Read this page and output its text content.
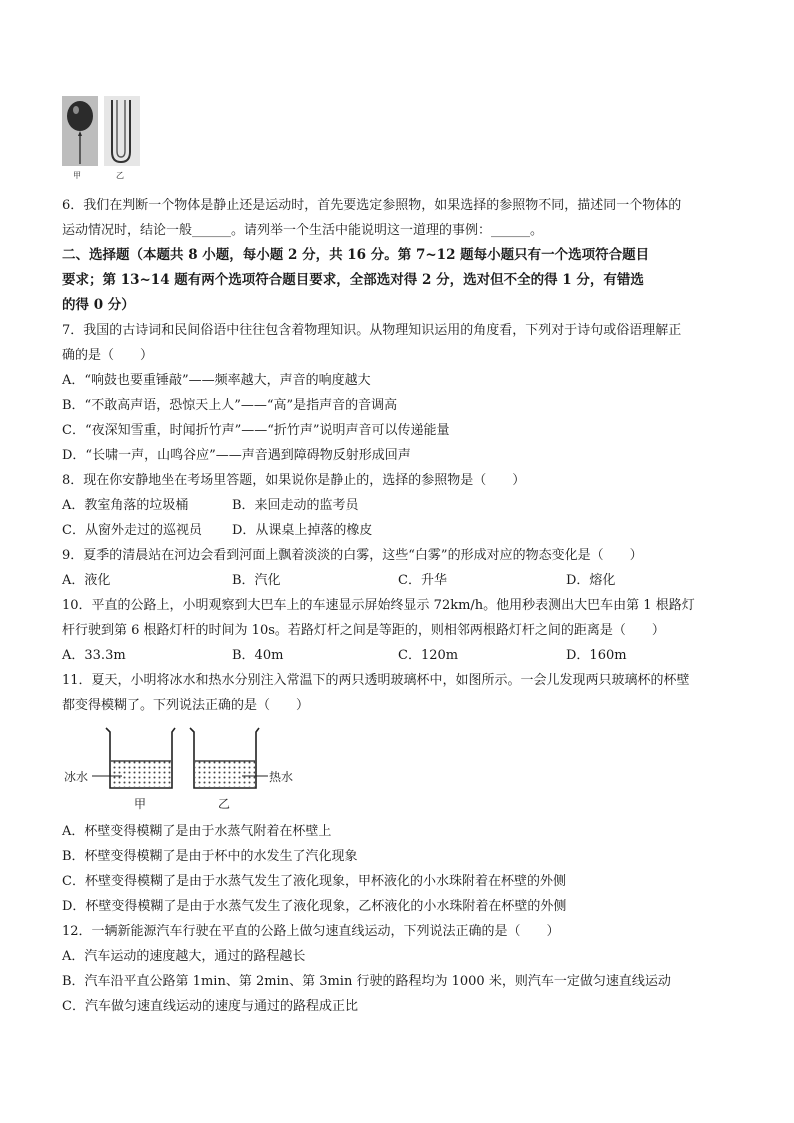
甲	乙
6．我们在判断一个物体是静止还是运动时，首先要选定参照物，如果选择的参照物不同，描述同一个物体的
运动情况时，结论一般______。请列举一个生活中能说明这一道理的事例：______。
二、选择题（本题共 8 小题，每小题 2 分，共 16 分。第 7~12 题每小题只有一个选项符合题目
要求；第 13~14 题有两个选项符合题目要求，全部选对得 2 分，选对但不全的得 1 分，有错选
的得 0 分）
7．我国的古诗词和民间俗语中往往包含着物理知识。从物理知识运用的角度看，下列对于诗句或俗语理解正
确的是（　　）
A．“响鼓也要重锤敲”——频率越大，声音的响度越大
B．“不敢高声语，恐惊天上人”——“高”是指声音的音调高
C．“夜深知雪重，时闻折竹声”——“折竹声”说明声音可以传递能量
D．“长啸一声，山鸣谷应”——声音遇到障碍物反射形成回声
8．现在你安静地坐在考场里答题，如果说你是静止的，选择的参照物是（　　）
A．教室角落的垃圾桶	B．来回走动的监考员
C．从窗外走过的巡视员 D．从课桌上掉落的橡皮
9．夏季的清晨站在河边会看到河面上飘着淡淡的白雾，这些“白雾”的形成对应的物态变化是（　　）
A．液化	B．汽化	C．升华	D．熔化
10．平直的公路上，小明观察到大巴车上的车速显示屏始终显示 72km/h。他用秒表测出大巴车由第 1 根路灯
杆行驶到第 6 根路灯杆的时间为 10s。若路灯杆之间是等距的，则相邻两根路灯杆之间的距离是（　　）
A．33.3m	B．40m	C．120m	D．160m
11．夏天，小明将冰水和热水分别注入常温下的两只透明玻璃杯中，如图所示。一会儿发现两只玻璃杯的杯壁
都变得模糊了。下列说法正确的是（　　）
冰水
甲
热水
乙
A．杯壁变得模糊了是由于水蒸气附着在杯壁上
B．杯壁变得模糊了是由于杯中的水发生了汽化现象
C．杯壁变得模糊了是由于水蒸气发生了液化现象，甲杯液化的小水珠附着在杯壁的外侧
D．杯壁变得模糊了是由于水蒸气发生了液化现象，乙杯液化的小水珠附着在杯壁的外侧
12．一辆新能源汽车行驶在平直的公路上做匀速直线运动，下列说法正确的是（　　）
A．汽车运动的速度越大，通过的路程越长
B．汽车沿平直公路第 1min、第 2min、第 3min 行驶的路程均为 1000 米，则汽车一定做匀速直线运动
C．汽车做匀速直线运动的速度与通过的路程成正比
